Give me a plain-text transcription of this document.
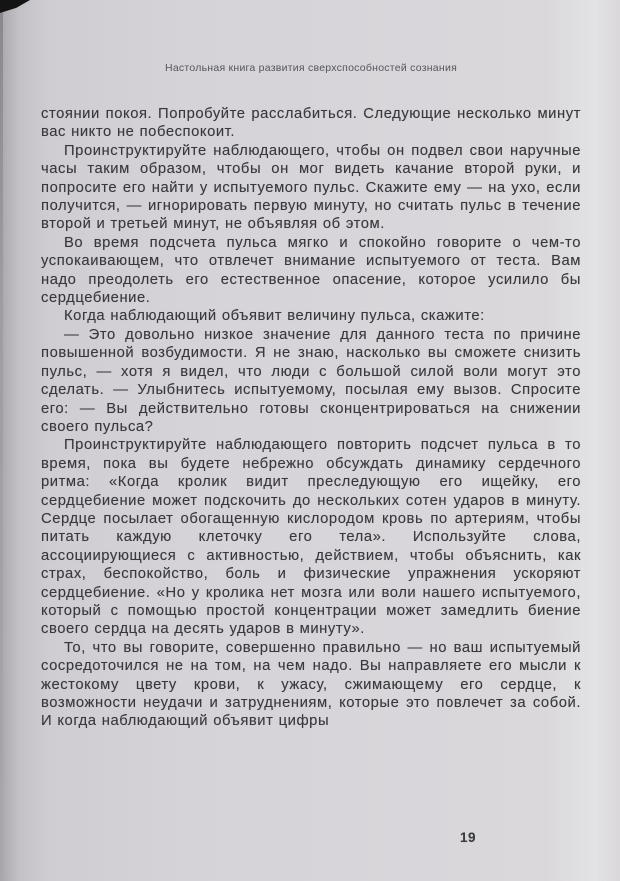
Настольная книга развития сверхспособностей сознания

стоянии покоя. Попробуйте расслабиться. Следующие несколько минут вас никто не побеспокоит.

Проинструктируйте наблюдающего, чтобы он подвел свои наручные часы таким образом, чтобы он мог видеть качание второй руки, и попросите его найти у испытуемого пульс. Скажите ему — на ухо, если получится, — игнорировать первую минуту, но считать пульс в течение второй и третьей минут, не объявляя об этом.

Во время подсчета пульса мягко и спокойно говорите о чем-то успокаивающем, что отвлечет внимание испытуемого от теста. Вам надо преодолеть его естественное опасение, которое усилило бы сердцебиение.

Когда наблюдающий объявит величину пульса, скажите:

— Это довольно низкое значение для данного теста по причине повышенной возбудимости. Я не знаю, насколько вы сможете снизить пульс, — хотя я видел, что люди с большой силой воли могут это сделать. — Улыбнитесь испытуемому, посылая ему вызов. Спросите его: — Вы действительно готовы сконцентрироваться на снижении своего пульса?

Проинструктируйте наблюдающего повторить подсчет пульса в то время, пока вы будете небрежно обсуждать динамику сердечного ритма: «Когда кролик видит преследующую его ищейку, его сердцебиение может подскочить до нескольких сотен ударов в минуту. Сердце посылает обогащенную кислородом кровь по артериям, чтобы питать каждую клеточку его тела». Используйте слова, ассоциирующиеся с активностью, действием, чтобы объяснить, как страх, беспокойство, боль и физические упражнения ускоряют сердцебиение. «Но у кролика нет мозга или воли нашего испытуемого, который с помощью простой концентрации может замедлить биение своего сердца на десять ударов в минуту».

То, что вы говорите, совершенно правильно — но ваш испытуемый сосредоточился не на том, на чем надо. Вы направляете его мысли к жестокому цвету крови, к ужасу, сжимающему его сердце, к возможности неудачи и затруднениям, которые это повлечет за собой. И когда наблюдающий объявит цифры

19
